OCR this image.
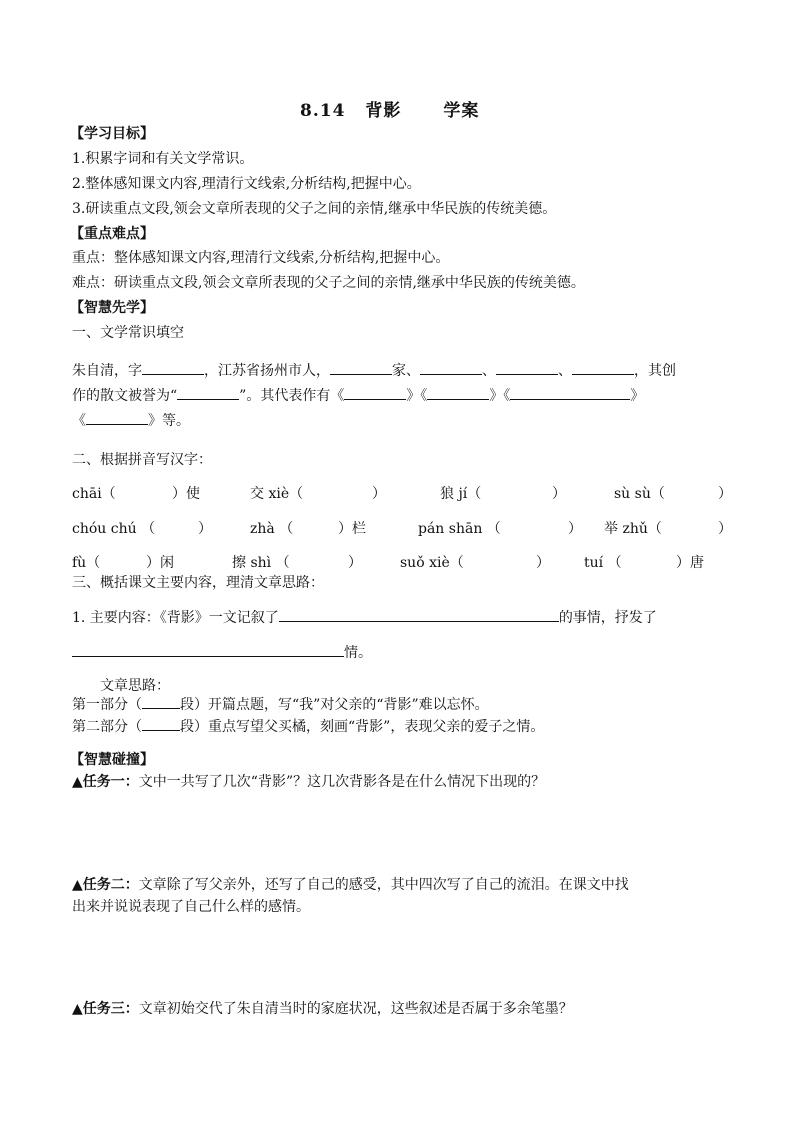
8.14 背影 学案
【学习目标】
1.积累字词和有关文学常识。
2.整体感知课文内容,理清行文线索,分析结构,把握中心。
3.研读重点文段,领会文章所表现的父子之间的亲情,继承中华民族的传统美德。
【重点难点】
重点：整体感知课文内容,理清行文线索,分析结构,把握中心。
难点：研读重点文段,领会文章所表现的父子之间的亲情,继承中华民族的传统美德。
【智慧先学】
一、文学常识填空
朱自清，字	，江苏省扬州市人，	家、	、	、	，其创
作的散文被誉为“	”。其代表作有《	》《	》《	》
《	》等。
二、根据拼音写汉字：
chāi（	）使	交 xiè（	）	狼 jí（	）	sù sù（	）
chóu chú （	）	zhà （	）栏	pán shān （	） 举 zhǔ（	）
fù（	）闲	擦 shì （	）	suǒ xiè（	） tuí （	）唐
三、概括课文主要内容，理清文章思路：
1. 主要内容：《背影》一文记叙了	的事情，抒发了
情。
文章思路：
第一部分（	段）开篇点题，写“我”对父亲的“背影”难以忘怀。
第二部分（	段）重点写望父买橘，刻画“背影”，表现父亲的爱子之情。
【智慧碰撞】
▲任务一：文中一共写了几次“背影”？这几次背影各是在什么情况下出现的？
▲任务二：文章除了写父亲外，还写了自己的感受，其中四次写了自己的流泪。在课文中找
出来并说说表现了自己什么样的感情。
▲任务三：文章初始交代了朱自清当时的家庭状况，这些叙述是否属于多余笔墨？
